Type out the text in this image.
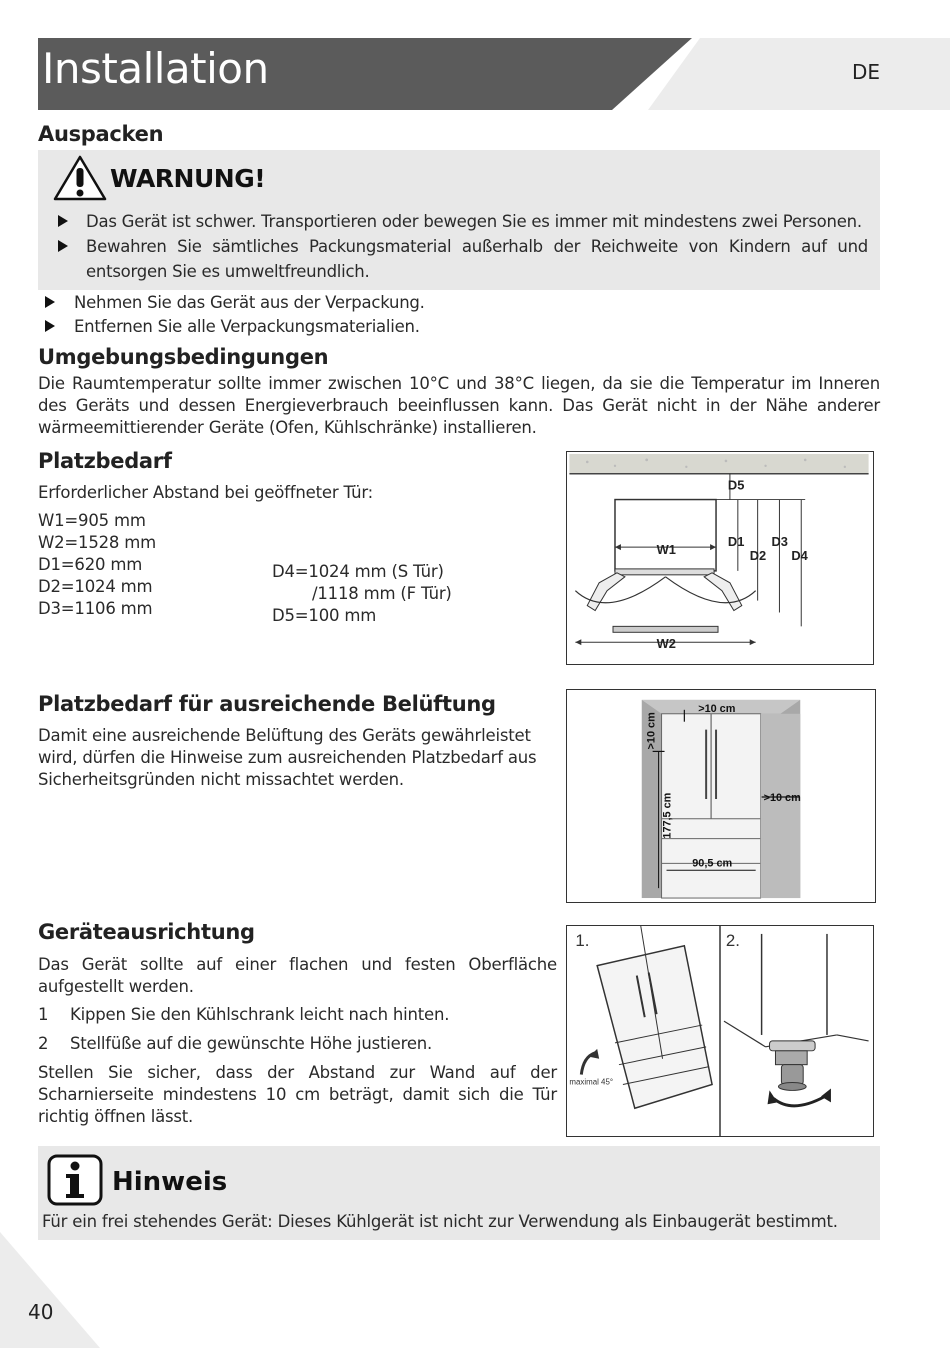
Installation	DE
Auspacken
WARNUNG!
Das Gerät ist schwer. Transportieren oder bewegen Sie es immer mit mindestens zwei Personen.
Bewahren Sie sämtliches Packungsmaterial außerhalb der Reichweite von Kindern auf und entsorgen Sie es umweltfreundlich.
Nehmen Sie das Gerät aus der Verpackung.
Entfernen Sie alle Verpackungsmaterialien.
Umgebungsbedingungen
Die Raumtemperatur sollte immer zwischen 10°C und 38°C liegen, da sie die Temperatur im Inneren des Geräts und dessen Energieverbrauch beeinflussen kann. Das Gerät nicht in der Nähe anderer wärmeemittierender Geräte (Ofen, Kühlschränke) installieren.
Platzbedarf
Erforderlicher Abstand bei geöffneter Tür:
W1=905 mm
W2=1528 mm
D1=620 mm
D2=1024 mm
D3=1106 mm
D4=1024 mm (S Tür)
/1118 mm (F Tür)
D5=100 mm
D5
W1
D1
D2
D3
D4
W2
Platzbedarf für ausreichende Belüftung
Damit eine ausreichende Belüftung des Geräts gewährleistet wird, dürfen die Hinweise zum ausreichenden Platzbedarf aus Sicherheitsgründen nicht missachtet werden.
>10 cm
>10 cm
>10 cm
177,5 cm
90,5 cm
Geräteausrichtung
Das Gerät sollte auf einer flachen und festen Oberfläche aufgestellt werden.
1 Kippen Sie den Kühlschrank leicht nach hinten.
2 Stellfüße auf die gewünschte Höhe justieren.
Stellen Sie sicher, dass der Abstand zur Wand auf der Scharnierseite mindestens 10 cm beträgt, damit sich die Tür richtig öffnen lässt.
1.	2.
maximal 45°
Hinweis
Für ein frei stehendes Gerät: Dieses Kühlgerät ist nicht zur Verwendung als Einbaugerät bestimmt.
40
